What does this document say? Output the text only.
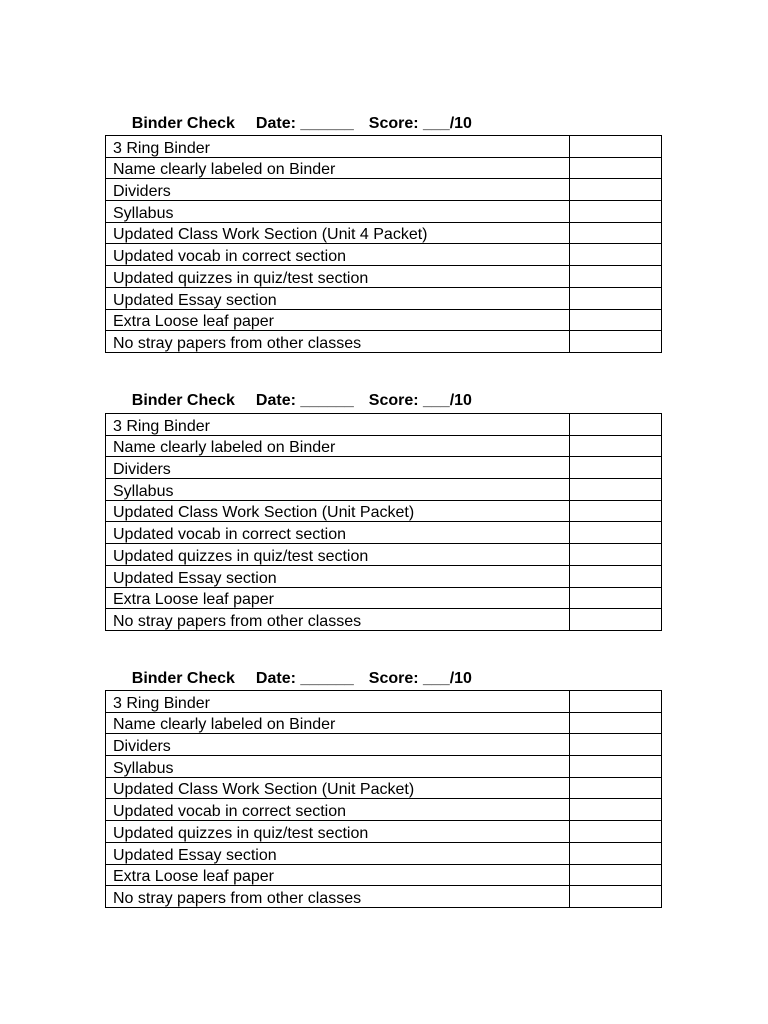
Binder Check Date: ______ Score: ___/10

3 Ring Binder	
Name clearly labeled on Binder	
Dividers	
Syllabus	
Updated Class Work Section (Unit 4 Packet)	
Updated vocab in correct section	
Updated quizzes in quiz/test section	
Updated Essay section	
Extra Loose leaf paper	
No stray papers from other classes	

Binder Check Date: ______ Score: ___/10

3 Ring Binder	
Name clearly labeled on Binder	
Dividers	
Syllabus	
Updated Class Work Section (Unit Packet)	
Updated vocab in correct section	
Updated quizzes in quiz/test section	
Updated Essay section	
Extra Loose leaf paper	
No stray papers from other classes	

Binder Check Date: ______ Score: ___/10

3 Ring Binder	
Name clearly labeled on Binder	
Dividers	
Syllabus	
Updated Class Work Section (Unit Packet)	
Updated vocab in correct section	
Updated quizzes in quiz/test section	
Updated Essay section	
Extra Loose leaf paper	
No stray papers from other classes	
